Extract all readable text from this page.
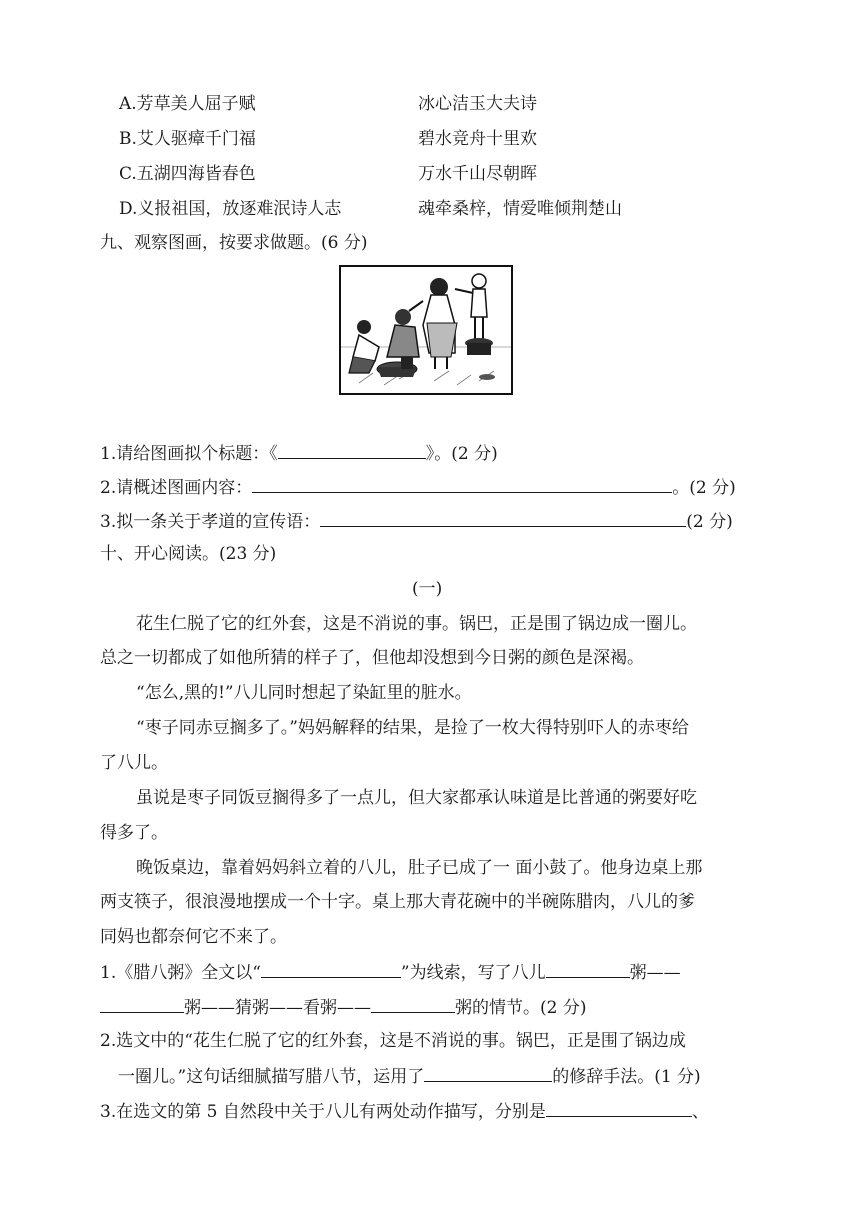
A.芳草美人屈子赋	冰心洁玉大夫诗
B.艾人驱瘴千门福	碧水竞舟十里欢
C.五湖四海皆春色	万水千山尽朝晖
D.义报祖国，放逐难泯诗人志	魂牵桑梓，情爱唯倾荆楚山
九、观察图画，按要求做题。(6 分)
1.请给图画拟个标题：《	》。(2 分)
2.请概述图画内容：	。(2 分)
3.拟一条关于孝道的宣传语：	(2 分)
十、开心阅读。(23 分)
(一)
花生仁脱了它的红外套，这是不消说的事。锅巴，正是围了锅边成一圈儿。
总之一切都成了如他所猜的样子了，但他却没想到今日粥的颜色是深褐。
“怎么,黑的!”八儿同时想起了染缸里的脏水。
“枣子同赤豆搁多了。”妈妈解释的结果，是捡了一枚大得特别吓人的赤枣给
了八儿。
虽说是枣子同饭豆搁得多了一点儿，但大家都承认味道是比普通的粥要好吃
得多了。
晚饭桌边，靠着妈妈斜立着的八儿，肚子已成了一 面小鼓了。他身边桌上那
两支筷子，很浪漫地摆成一个十字。桌上那大青花碗中的半碗陈腊肉，八儿的爹
同妈也都奈何它不来了。
1.《腊八粥》全文以“	”为线索，写了八儿	粥——
粥——猜粥——看粥——	粥的情节。(2 分)
2.选文中的“花生仁脱了它的红外套，这是不消说的事。锅巴，正是围了锅边成
一圈儿。”这句话细腻描写腊八节，运用了	的修辞手法。(1 分)
3.在选文的第 5 自然段中关于八儿有两处动作描写，分别是	、
